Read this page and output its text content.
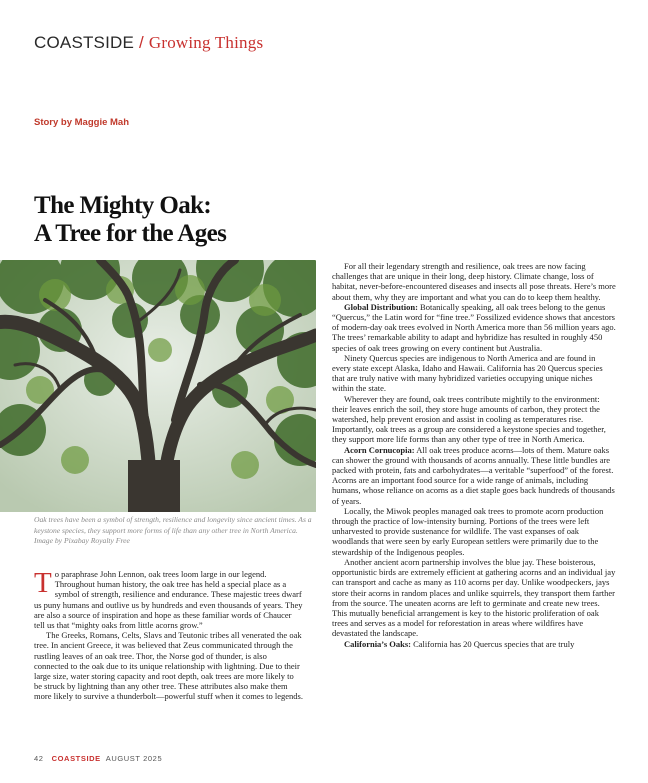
COASTSIDE / Growing Things
Story by Maggie Mah
The Mighty Oak:
A Tree for the Ages
Oak trees have been a symbol of strength, resilience and longevity since ancient times. As a keystone species, they support more forms of life than any other tree in North America. Image by Pixabay Royalty Free

To paraphrase John Lennon, oak trees loom large in our legend. Throughout human history, the oak tree has held a special place as a symbol of strength, resilience and endurance. These majestic trees dwarf us puny humans and outlive us by hundreds and even thousands of years. They are also a source of inspiration and hope as these familiar words of Chaucer tell us that “mighty oaks from little acorns grow.”

The Greeks, Romans, Celts, Slavs and Teutonic tribes all venerated the oak tree. In ancient Greece, it was believed that Zeus communicated through the rustling leaves of an oak tree. Thor, the Norse god of thunder, is also connected to the oak due to its unique relationship with lightning. Due to their large size, water storing capacity and root depth, oak trees are more likely to be struck by lightning than any other tree. These attributes also make them more likely to survive a thunderbolt—powerful stuff when it comes to legends.

For all their legendary strength and resilience, oak trees are now facing challenges that are unique in their long, deep history. Climate change, loss of habitat, never-before-encountered diseases and insects all pose threats. Here’s more about them, why they are important and what you can do to keep them healthy.

Global Distribution: Botanically speaking, all oak trees belong to the genus “Quercus,” the Latin word for “fine tree.” Fossilized evidence shows that ancestors of modern-day oak trees evolved in North America more than 56 million years ago. The trees’ remarkable ability to adapt and hybridize has resulted in roughly 450 species of oak trees growing on every continent but Australia.

Ninety Quercus species are indigenous to North America and are found in every state except Alaska, Idaho and Hawaii. California has 20 Quercus species that are truly native with many hybridized varieties occupying unique niches within the state.

Wherever they are found, oak trees contribute mightily to the environment: their leaves enrich the soil, they store huge amounts of carbon, they protect the watershed, help prevent erosion and assist in cooling as temperatures rise. Importantly, oak trees as a group are considered a keystone species and together, they support more life forms than any other type of tree in North America.

Acorn Cornucopia: All oak trees produce acorns—lots of them. Mature oaks can shower the ground with thousands of acorns annually. These little bundles are packed with protein, fats and carbohydrates—a veritable “superfood” of the forest. Acorns are an important food source for a wide range of animals, including humans, whose reliance on acorns as a diet staple goes back hundreds of thousands of years.

Locally, the Miwok peoples managed oak trees to promote acorn production through the practice of low-intensity burning. Portions of the trees were left unharvested to provide sustenance for wildlife. The vast expanses of oak woodlands that were seen by early European settlers were primarily due to the stewardship of the Indigenous peoples.

Another ancient acorn partnership involves the blue jay. These boisterous, opportunistic birds are extremely efficient at gathering acorns and an individual jay can transport and cache as many as 110 acorns per day. Unlike woodpeckers, jays store their acorns in random places and unlike squirrels, they transport them farther from the source. The uneaten acorns are left to germinate and create new trees. This mutually beneficial arrangement is key to the historic proliferation of oak trees and serves as a model for reforestation in areas where wildfires have devastated the landscape.

California’s Oaks: California has 20 Quercus species that are truly

42 COASTSIDE AUGUST 2025
